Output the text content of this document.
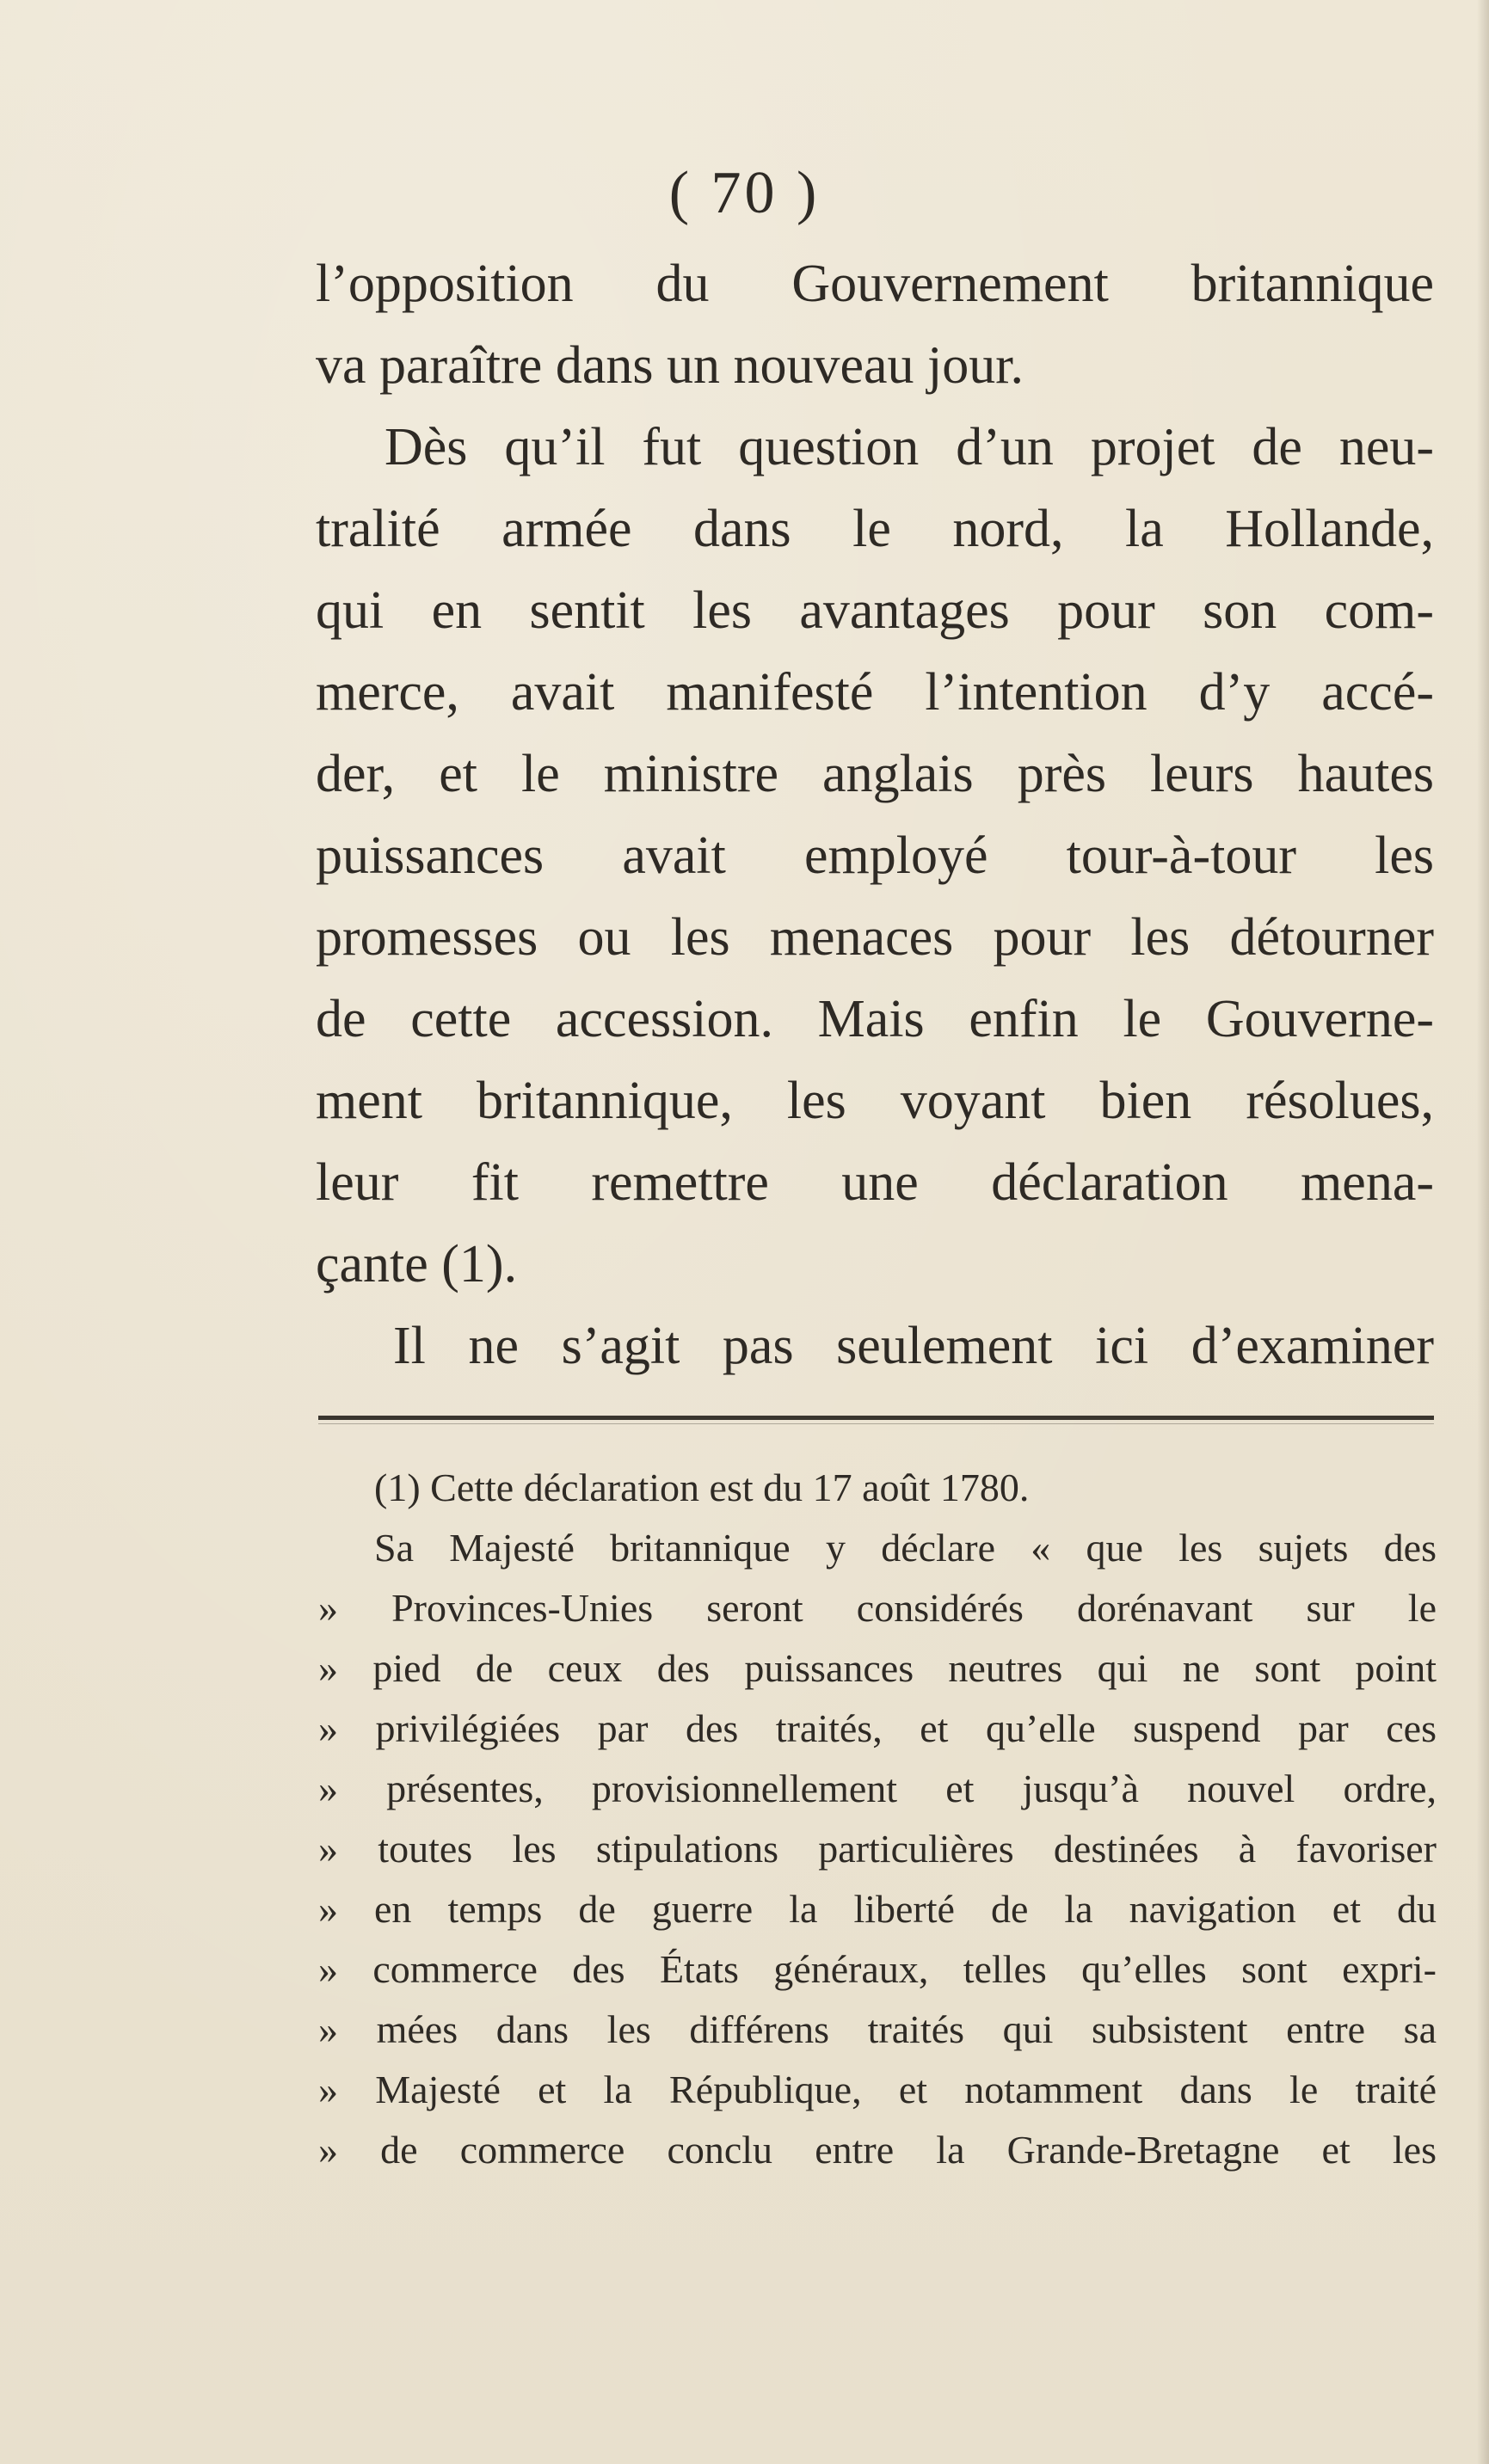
( 70 )
l’opposition du Gouvernement britannique
va paraître dans un nouveau jour.
Dès qu’il fut question d’un projet de neu-
tralité armée dans le nord, la Hollande,
qui en sentit les avantages pour son com-
merce, avait manifesté l’intention d’y accé-
der, et le ministre anglais près leurs hautes
puissances avait employé tour-à-tour les
promesses ou les menaces pour les détourner
de cette accession. Mais enfin le Gouverne-
ment britannique, les voyant bien résolues,
leur fit remettre une déclaration mena-
çante (1).
Il ne s’agit pas seulement ici d’examiner
(1) Cette déclaration est du 17 août 1780.
Sa Majesté britannique y déclare « que les sujets des
» Provinces-Unies seront considérés dorénavant sur le
» pied de ceux des puissances neutres qui ne sont point
» privilégiées par des traités, et qu’elle suspend par ces
» présentes, provisionnellement et jusqu’à nouvel ordre,
» toutes les stipulations particulières destinées à favoriser
» en temps de guerre la liberté de la navigation et du
» commerce des États généraux, telles qu’elles sont expri-
» mées dans les différens traités qui subsistent entre sa
» Majesté et la République, et notamment dans le traité
» de commerce conclu entre la Grande-Bretagne et les
